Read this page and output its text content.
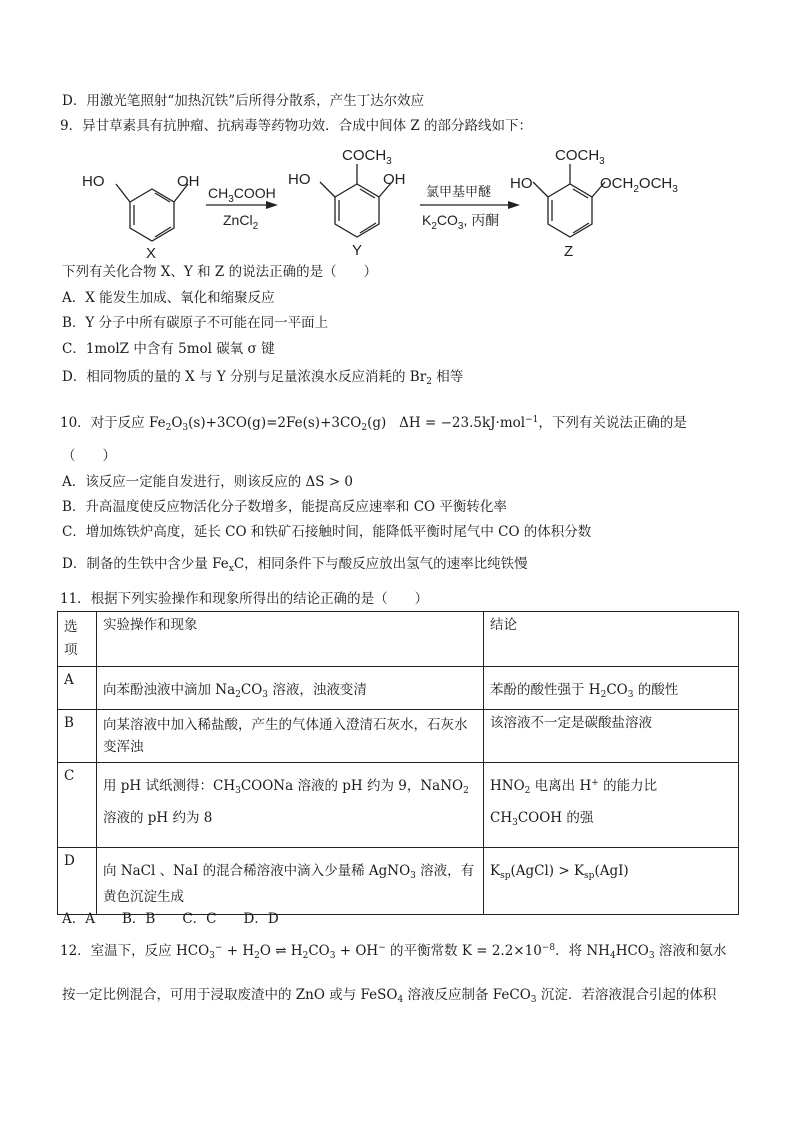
D．用激光笔照射“加热沉铁”后所得分散系，产生丁达尔效应
9．异甘草素具有抗肿瘤、抗病毒等药物功效．合成中间体 Z 的部分路线如下：
HO	OH
X
$CH_3COOH$
ZnCl$_2$
$COCH_3$
HO	OH
Y
氯甲基甲醚
$K_2CO_3$, 丙酮
$COCH_3$
HO	$OCH_2OCH_3$
Z
下列有关化合物 X、Y 和 Z 的说法正确的是（　　）
A．X 能发生加成、氧化和缩聚反应
B．Y 分子中所有碳原子不可能在同一平面上
C．1molZ 中含有 5mol 碳氧 σ 键
D．相同物质的量的 X 与 Y 分别与足量浓溴水反应消耗的 $Br_2$ 相等
10．对于反应 $Fe_2O_3(s)+3CO(g)=2Fe(s)+3CO_2(g) \Delta H = -23.5kJ\cdot mol^{-1}$，下列有关说法正确的是
（　　）
A．该反应一定能自发进行，则该反应的 ΔS > 0
B．升高温度使反应物活化分子数增多，能提高反应速率和 CO 平衡转化率
C．增加炼铁炉高度，延长 CO 和铁矿石接触时间，能降低平衡时尾气中 CO 的体积分数
D．制备的生铁中含少量 $Fe_xC$，相同条件下与酸反应放出氢气的速率比纯铁慢
11．根据下列实验操作和现象所得出的结论正确的是（　　）
选项	实验操作和现象	结论
A	向苯酚浊液中滴加 $Na_2CO_3$ 溶液，浊液变清	苯酚的酸性强于 $H_2CO_3$ 的酸性

B	向某溶液中加入稀盐酸，产生的气体通入澄清石灰水，石灰水
变浑浊	该溶液不一定是碳酸盐溶液
C	用 pH 试纸测得：$CH_3COONa$ 溶液的 pH 约为 9，NaNO$_2$
溶液的 pH 约为 8	$HNO_2$ 电离出 H+ 的能力比
$CH_3COOH$ 的强

D	向 NaCl 、NaI 的混合稀溶液中滴入少量稀 AgNO$_3$ 溶液，有
黄色沉淀生成	$K_{sp}(AgCl) > K_{sp}(AgI)$
A．A　　B．B　　C．C　　D．D
12．室温下，反应 $HCO_3^- + H_2O$ ⇌ $H_2CO_3 + OH^-$ 的平衡常数 $K = 2.2\times 10^{-8}$．将 $NH_4HCO_3$ 溶液和氨水
按一定比例混合，可用于浸取废渣中的 ZnO 或与 FeSO$_4$ 溶液反应制备 FeCO$_3$ 沉淀．若溶液混合引起的体积
